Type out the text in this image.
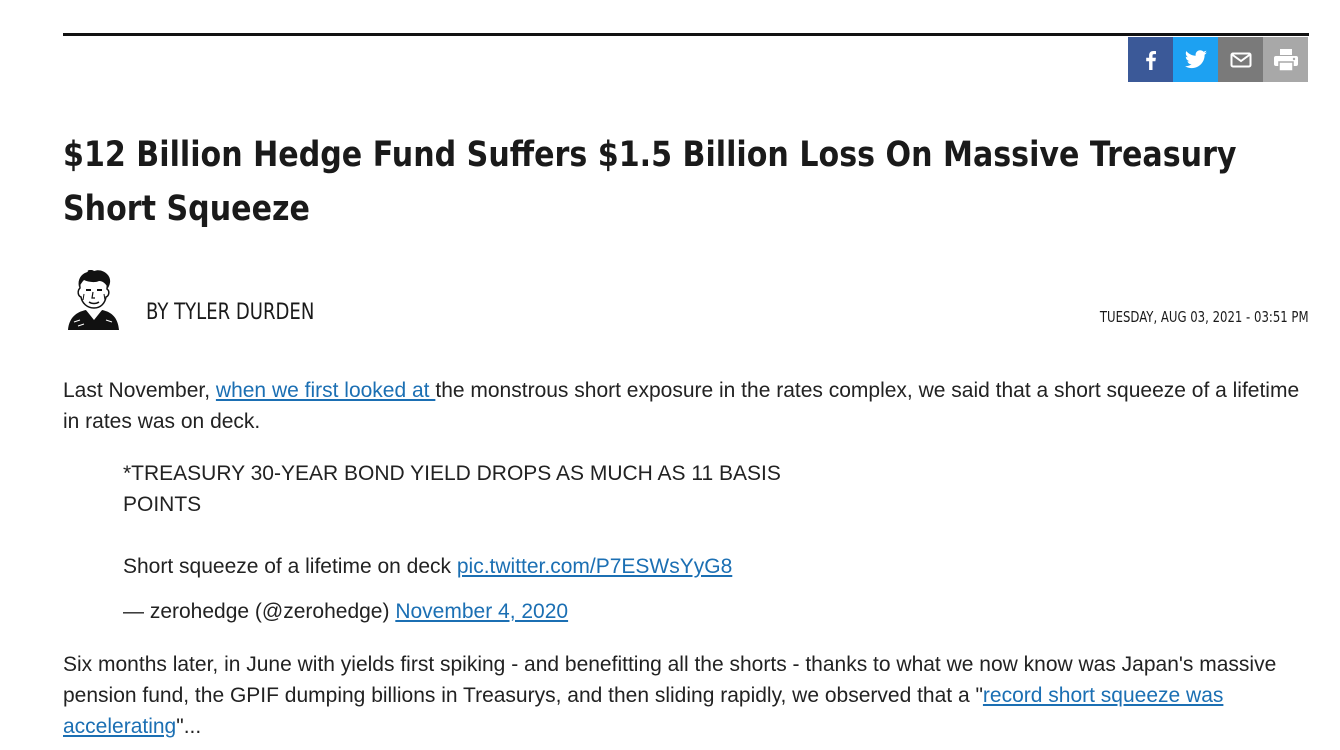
$12 Billion Hedge Fund Suffers $1.5 Billion Loss On Massive Treasury Short Squeeze
BY TYLER DURDEN	TUESDAY, AUG 03, 2021 - 03:51 PM

Last November, when we first looked at the monstrous short exposure in the rates complex, we said that a short squeeze of a lifetime in rates was on deck.

*TREASURY 30-YEAR BOND YIELD DROPS AS MUCH AS 11 BASIS POINTS

Short squeeze of a lifetime on deck pic.twitter.com/P7ESWsYyG8

— zerohedge (@zerohedge) November 4, 2020

Six months later, in June with yields first spiking - and benefitting all the shorts - thanks to what we now know was Japan's massive pension fund, the GPIF dumping billions in Treasurys, and then sliding rapidly, we observed that a "record short squeeze was accelerating"...
